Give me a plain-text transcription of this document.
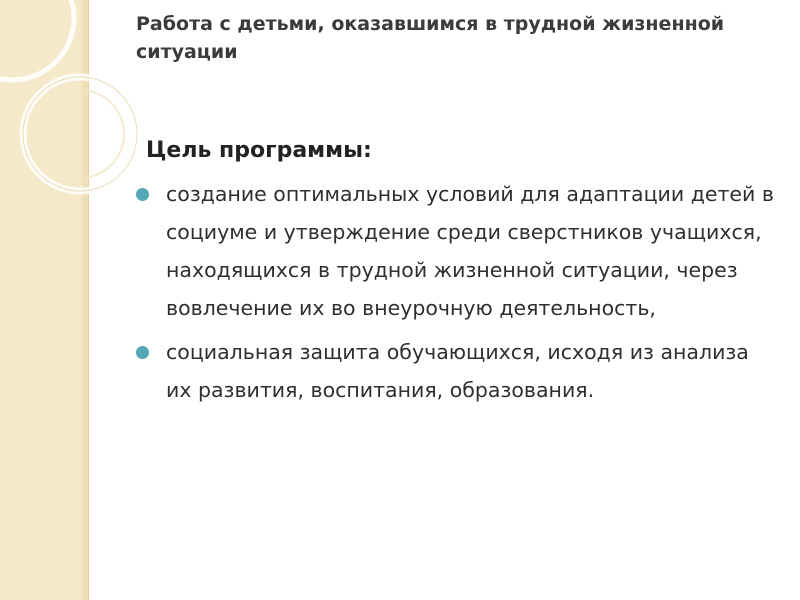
Работа с детьми, оказавшимся в трудной жизненной ситуации

Цель программы:

создание оптимальных условий для адаптации детей в социуме и утверждение среди сверстников учащихся, находящихся в трудной жизненной ситуации, через вовлечение их во внеурочную деятельность,
социальная защита обучающихся, исходя из анализа их развития, воспитания, образования.
